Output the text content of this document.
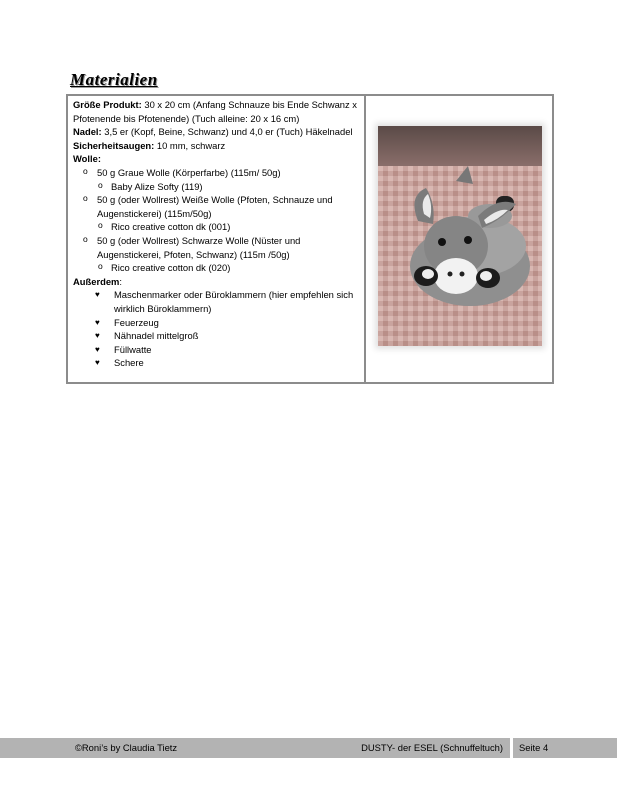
Materialien
Größe Produkt: 30 x 20 cm (Anfang Schnauze bis Ende Schwanz x Pfotenende bis Pfotenende) (Tuch alleine: 20 x 16 cm)
Nadel: 3,5 er (Kopf, Beine, Schwanz) und 4,0 er (Tuch) Häkelnadel
Sicherheitsaugen: 10 mm, schwarz
Wolle:
o 50 g Graue Wolle (Körperfarbe) (115m/ 50g)
o Baby Alize Softy (119)
o 50 g (oder Wollrest) Weiße Wolle (Pfoten, Schnauze und Augenstickerei) (115m/50g)
o Rico creative cotton dk (001)
o 50 g (oder Wollrest) Schwarze Wolle (Nüster und Augenstickerei, Pfoten, Schwanz) (115m /50g)
o Rico creative cotton dk (020)
Außerdem:
♥ Maschenmarker oder Büroklammern (hier empfehlen sich wirklich Büroklammern)
♥ Feuerzeug
♥ Nähnadel mittelgroß
♥ Füllwatte
♥ Schere
©Roni’s by Claudia Tietz	DUSTY- der ESEL (Schnuffeltuch)	Seite 4
